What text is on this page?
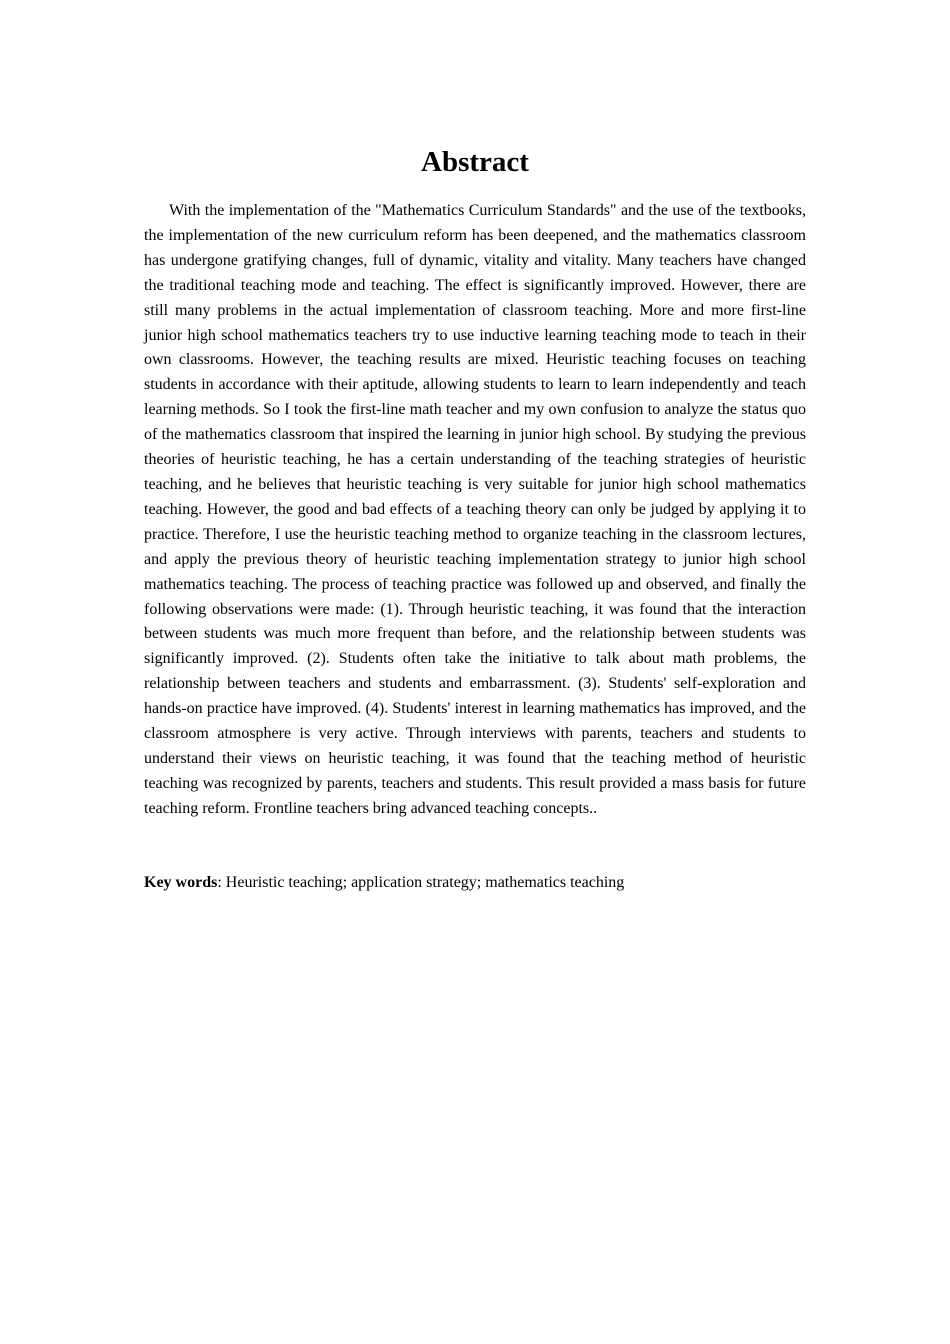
Abstract

With the implementation of the "Mathematics Curriculum Standards" and the use of the textbooks, the implementation of the new curriculum reform has been deepened, and the mathematics classroom has undergone gratifying changes, full of dynamic, vitality and vitality. Many teachers have changed the traditional teaching mode and teaching. The effect is significantly improved. However, there are still many problems in the actual implementation of classroom teaching. More and more first-line junior high school mathematics teachers try to use inductive learning teaching mode to teach in their own classrooms. However, the teaching results are mixed. Heuristic teaching focuses on teaching students in accordance with their aptitude, allowing students to learn to learn independently and teach learning methods. So I took the first-line math teacher and my own confusion to analyze the status quo of the mathematics classroom that inspired the learning in junior high school. By studying the previous theories of heuristic teaching, he has a certain understanding of the teaching strategies of heuristic teaching, and he believes that heuristic teaching is very suitable for junior high school mathematics teaching. However, the good and bad effects of a teaching theory can only be judged by applying it to practice. Therefore, I use the heuristic teaching method to organize teaching in the classroom lectures, and apply the previous theory of heuristic teaching implementation strategy to junior high school mathematics teaching. The process of teaching practice was followed up and observed, and finally the following observations were made: (1). Through heuristic teaching, it was found that the interaction between students was much more frequent than before, and the relationship between students was significantly improved. (2). Students often take the initiative to talk about math problems, the relationship between teachers and students and embarrassment. (3). Students' self-exploration and hands-on practice have improved. (4). Students' interest in learning mathematics has improved, and the classroom atmosphere is very active. Through interviews with parents, teachers and students to understand their views on heuristic teaching, it was found that the teaching method of heuristic teaching was recognized by parents, teachers and students. This result provided a mass basis for future teaching reform. Frontline teachers bring advanced teaching concepts..

Key words: Heuristic teaching; application strategy; mathematics teaching
